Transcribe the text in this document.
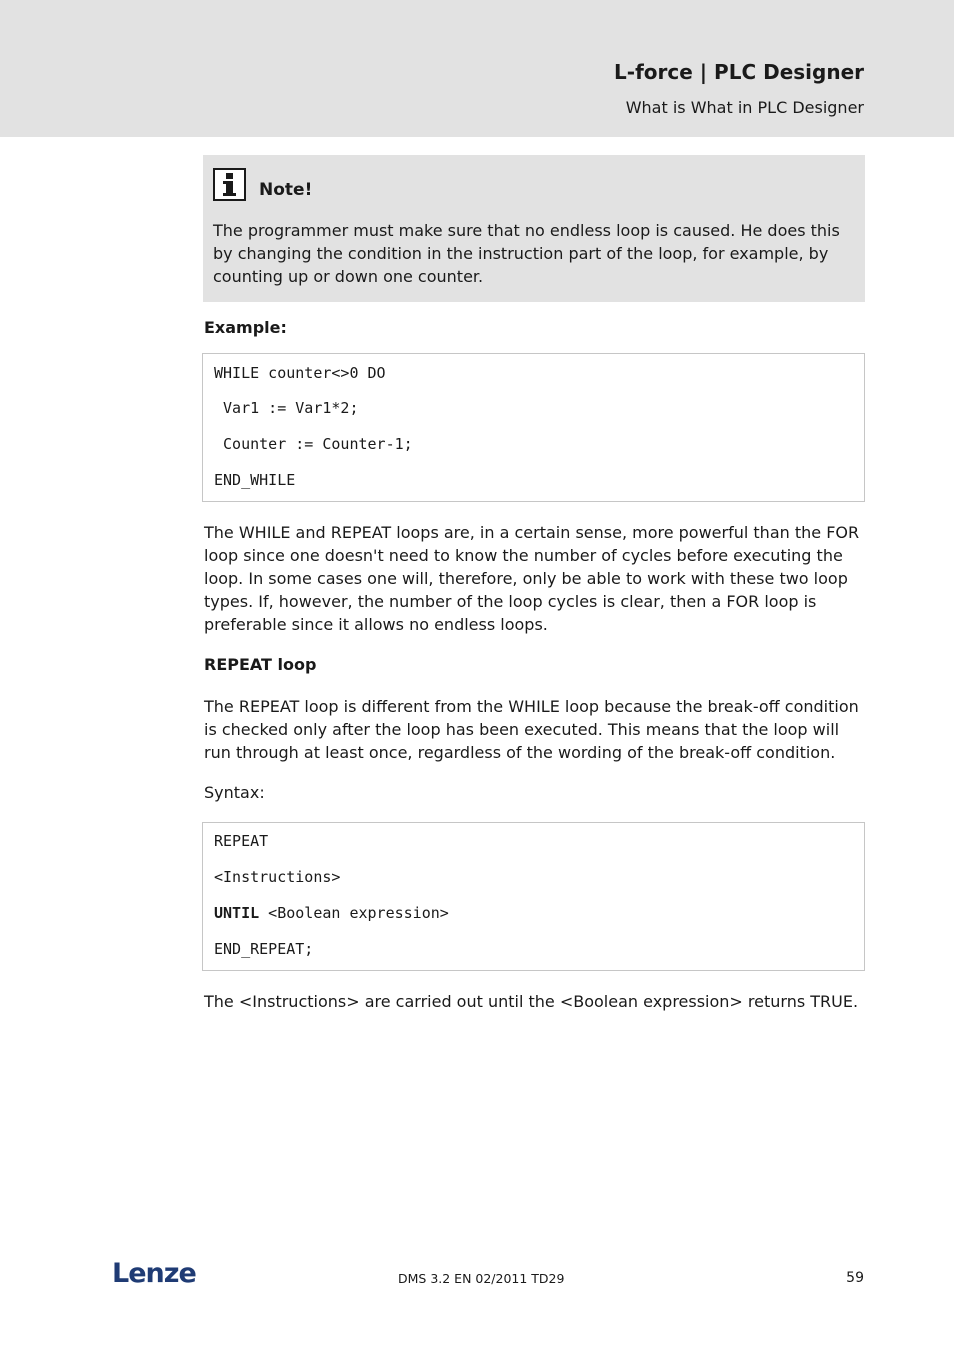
L-force | PLC Designer
What is What in PLC Designer
Note!
The programmer must make sure that no endless loop is caused. He does this by changing the condition in the instruction part of the loop, for example, by counting up or down one counter.
Example:
WHILE counter<>0 DO
Var1 := Var1*2;
Counter := Counter-1;
END_WHILE
The WHILE and REPEAT loops are, in a certain sense, more powerful than the FOR loop since one doesn't need to know the number of cycles before executing the loop. In some cases one will, therefore, only be able to work with these two loop types. If, however, the number of the loop cycles is clear, then a FOR loop is preferable since it allows no endless loops.
REPEAT loop
The REPEAT loop is different from the WHILE loop because the break-off condition is checked only after the loop has been executed. This means that the loop will run through at least once, regardless of the wording of the break-off condition.
Syntax:
REPEAT
<Instructions>
UNTIL <Boolean expression>
END_REPEAT;
The <Instructions> are carried out until the <Boolean expression> returns TRUE.
Lenze	DMS 3.2 EN 02/2011 TD29	59
